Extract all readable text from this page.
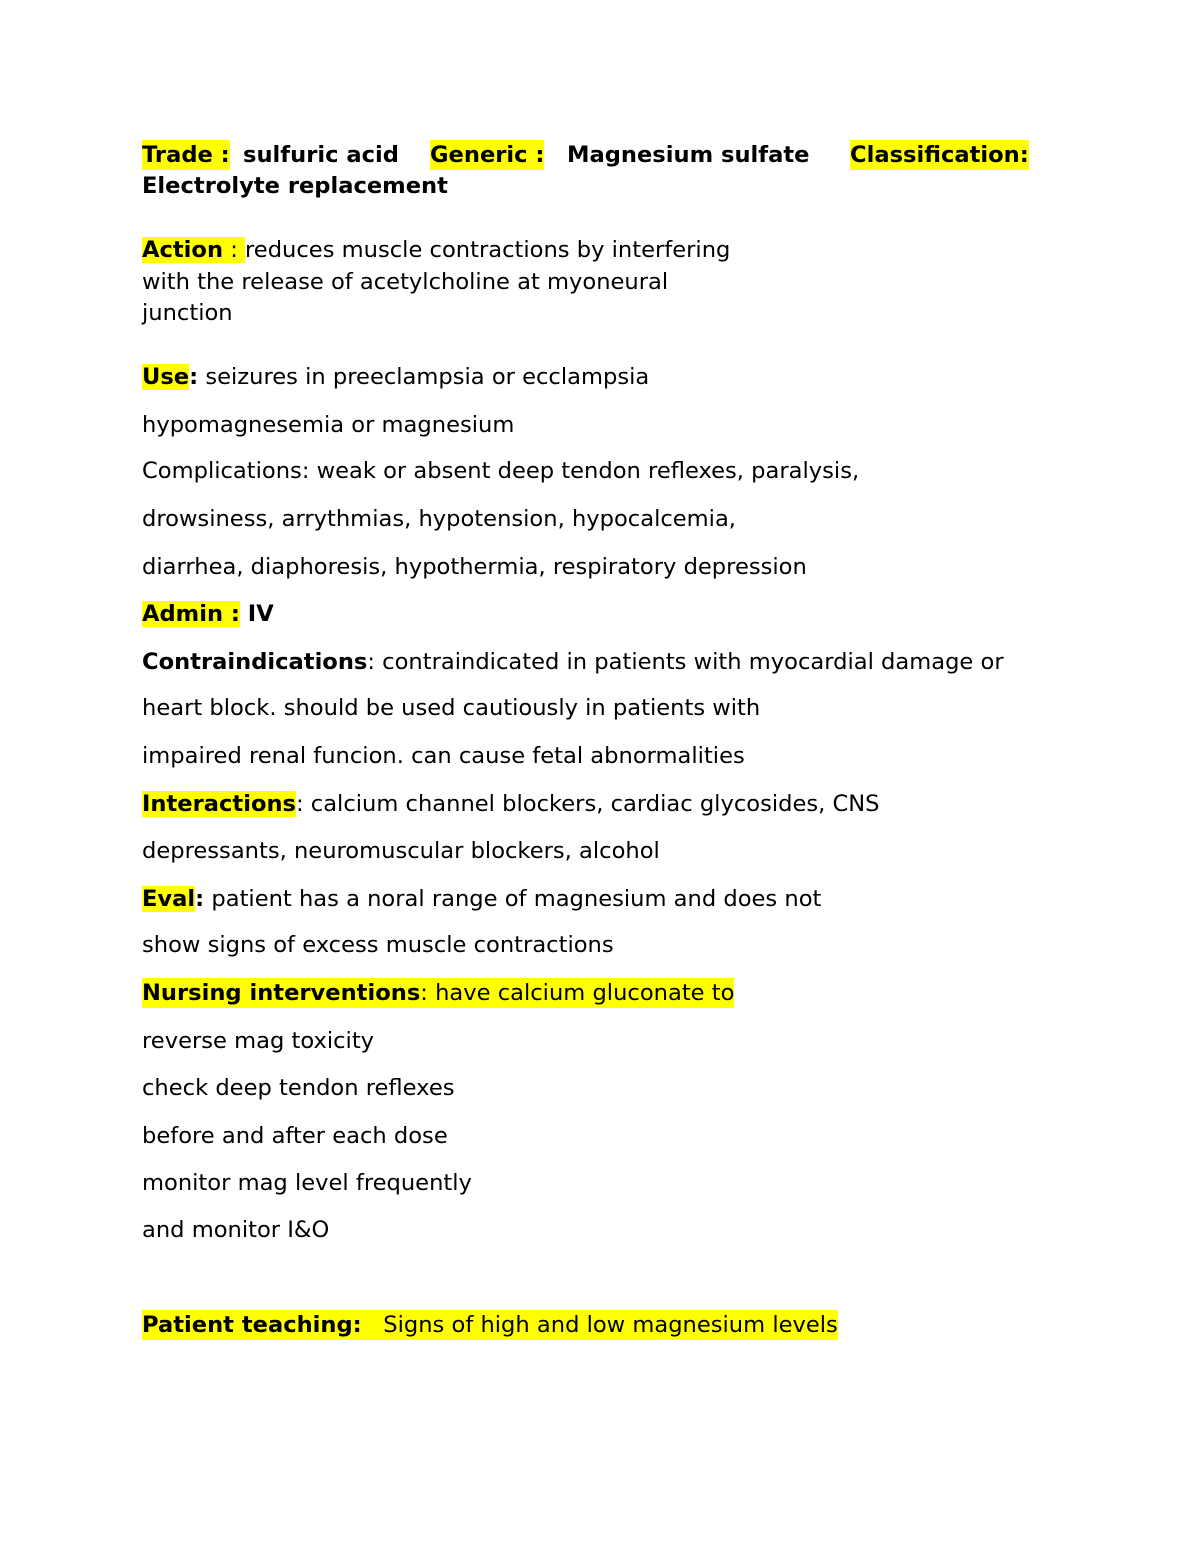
Trade :

sulfuric acid

Generic :

Magnesium sulfate

Classification:

Electrolyte replacement
Action : reduces muscle contractions by interfering
with the release of acetylcholine at myoneural
junction
Use: seizures in preeclampsia or ecclampsia
hypomagnesemia or magnesium
Complications: weak or absent deep tendon reflexes, paralysis,
drowsiness, arrythmias, hypotension, hypocalcemia,
diarrhea, diaphoresis, hypothermia, respiratory depression
Admin : IV
Contraindications: contraindicated in patients with myocardial damage or
heart block. should be used cautiously in patients with
impaired renal funcion. can cause fetal abnormalities
Interactions: calcium channel blockers, cardiac glycosides, CNS
depressants, neuromuscular blockers, alcohol
Eval: patient has a noral range of magnesium and does not
show signs of excess muscle contractions
Nursing interventions: have calcium gluconate to
reverse mag toxicity
check deep tendon reflexes
before and after each dose
monitor mag level frequently
and monitor I&O
Patient teaching:   Signs of high and low magnesium levels
